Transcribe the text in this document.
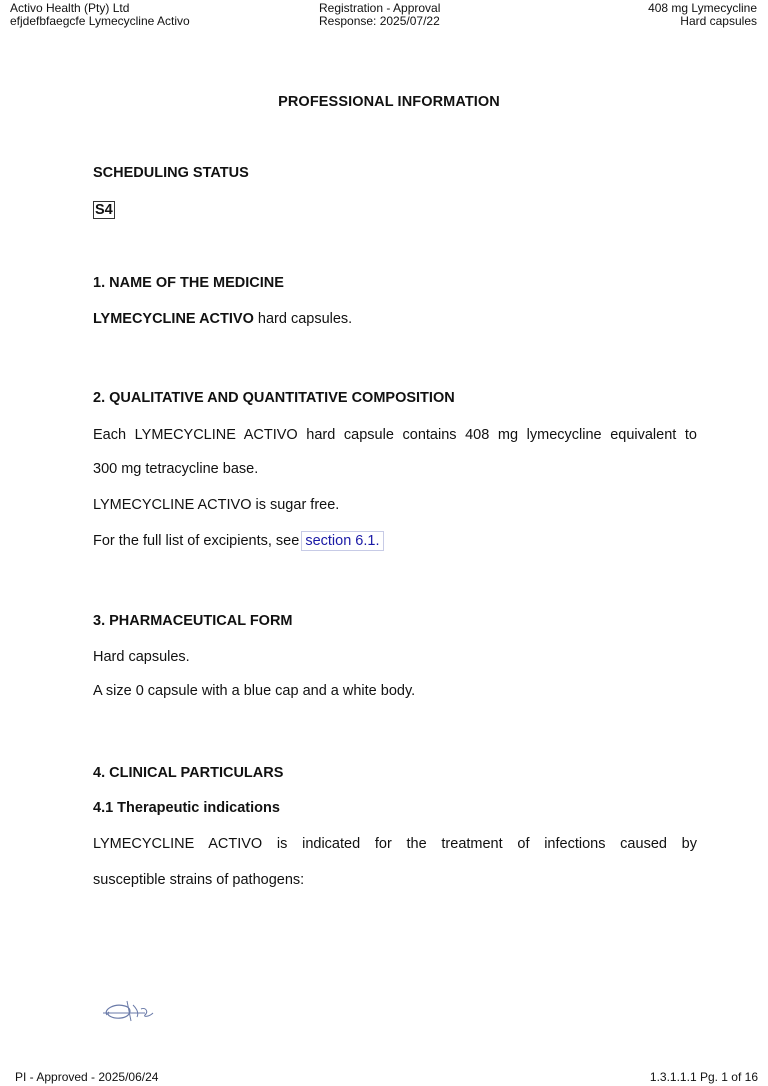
Activo Health (Pty) Ltd
efjdefbfaegcfe Lymecycline Activo
Registration - Approval
Response: 2025/07/22
408 mg Lymecycline
Hard capsules
PROFESSIONAL INFORMATION
SCHEDULING STATUS
S4
1. NAME OF THE MEDICINE
LYMECYCLINE ACTIVO hard capsules.
2. QUALITATIVE AND QUANTITATIVE COMPOSITION
Each LYMECYCLINE ACTIVO hard capsule contains 408 mg lymecycline equivalent to
300 mg tetracycline base.
LYMECYCLINE ACTIVO is sugar free.
For the full list of excipients, see section 6.1.
3. PHARMACEUTICAL FORM
Hard capsules.
A size 0 capsule with a blue cap and a white body.
4. CLINICAL PARTICULARS
4.1 Therapeutic indications
LYMECYCLINE ACTIVO is indicated for the treatment of infections caused by
susceptible strains of pathogens:
PI - Approved - 2025/06/24	1.3.1.1.1 Pg. 1 of 16
